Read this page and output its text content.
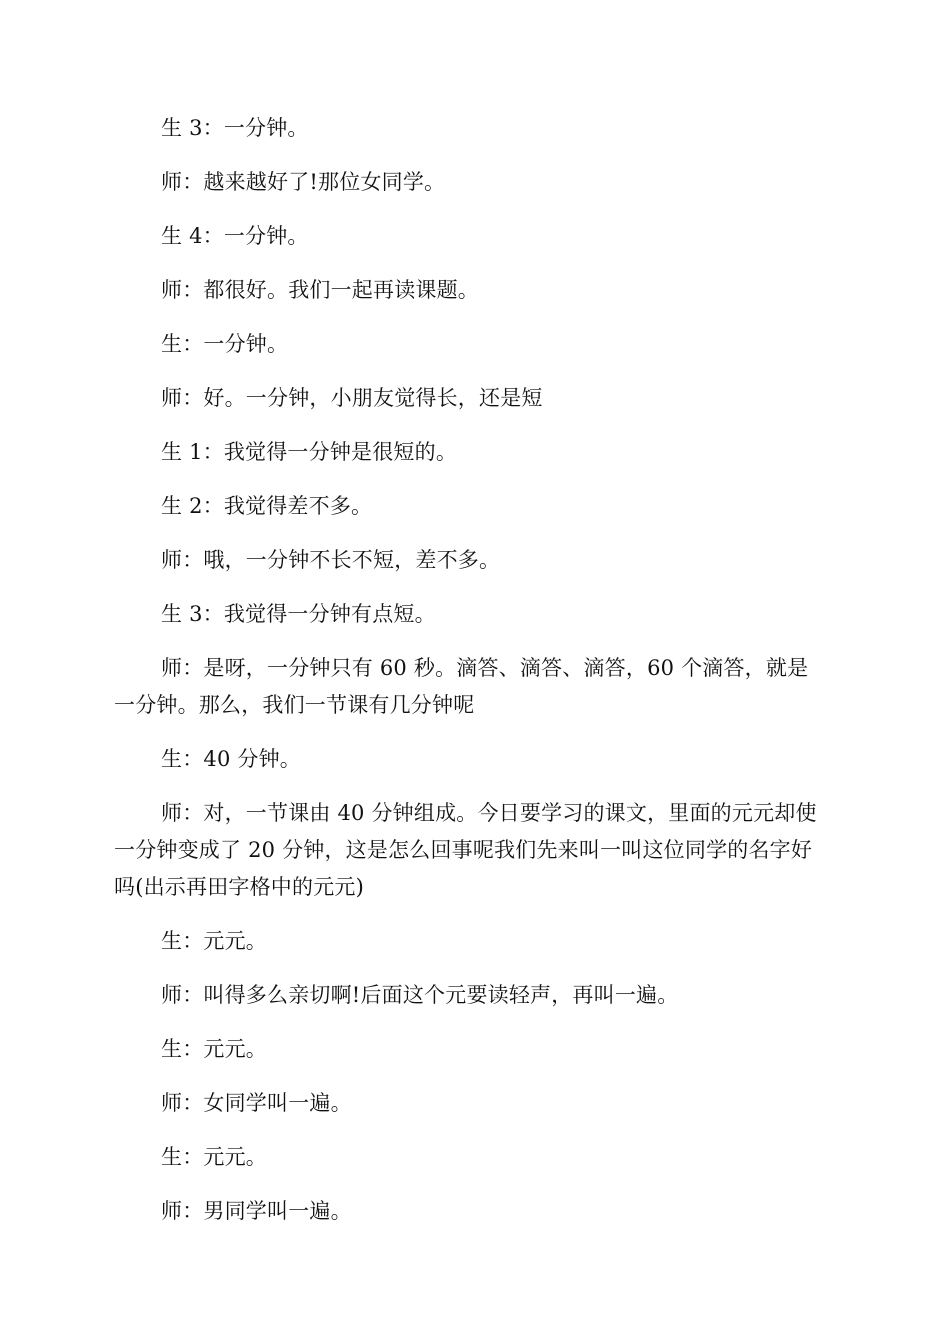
生 3：一分钟。

师：越来越好了!那位女同学。

生 4：一分钟。

师：都很好。我们一起再读课题。

生：一分钟。

师：好。一分钟，小朋友觉得长，还是短

生 1：我觉得一分钟是很短的。

生 2：我觉得差不多。

师：哦，一分钟不长不短，差不多。

生 3：我觉得一分钟有点短。

师：是呀，一分钟只有 60 秒。滴答、滴答、滴答，60 个滴答，就是一分钟。那么，我们一节课有几分钟呢

生：40 分钟。

师：对，一节课由 40 分钟组成。今日要学习的课文，里面的元元却使一分钟变成了 20 分钟，这是怎么回事呢我们先来叫一叫这位同学的名字好吗(出示再田字格中的元元)

生：元元。

师：叫得多么亲切啊!后面这个元要读轻声，再叫一遍。

生：元元。

师：女同学叫一遍。

生：元元。

师：男同学叫一遍。
